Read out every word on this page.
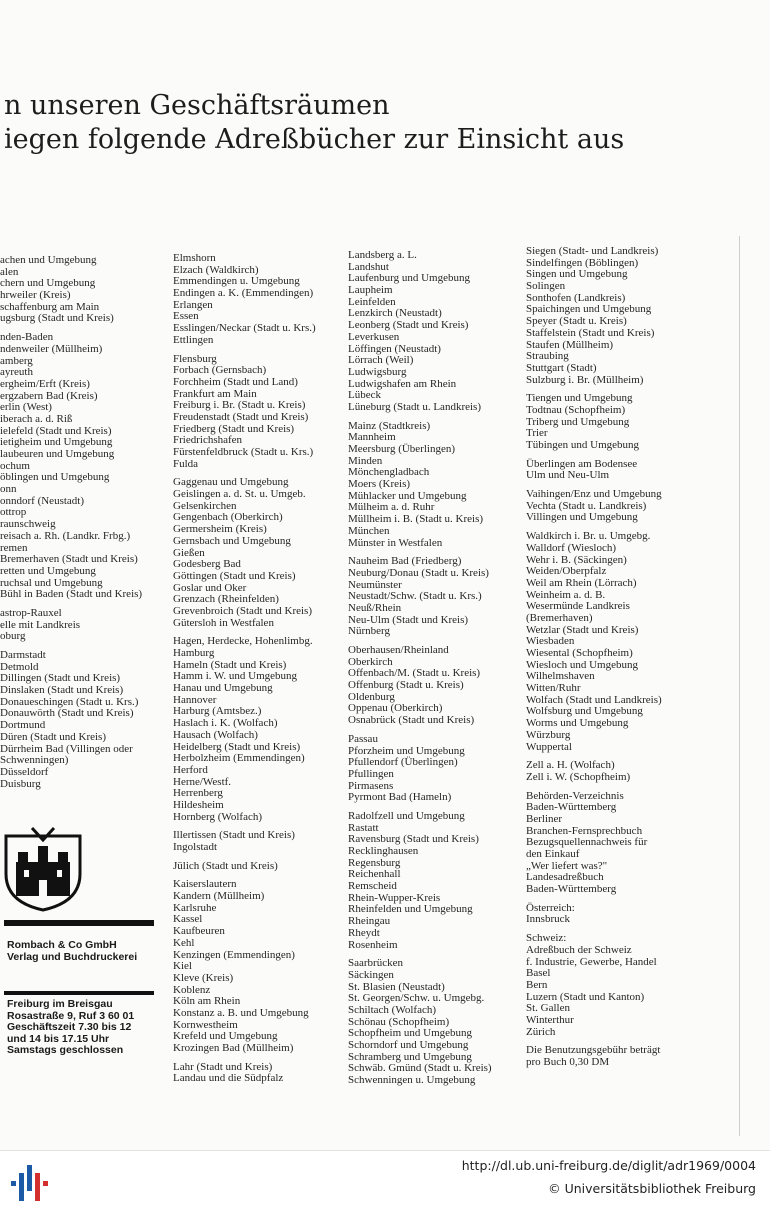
n unseren Geschäftsräumen
iegen folgende Adreßbücher zur Einsicht aus
achen und Umgebung
alen
chern und Umgebung
hrweiler (Kreis)
schaffenburg am Main
ugsburg (Stadt und Kreis)
nden-Baden
ndenweiler (Müllheim)
amberg
ayreuth
ergheim/Erft (Kreis)
ergzabern Bad (Kreis)
erlin (West)
iberach a. d. Riß
ielefeld (Stadt und Kreis)
ietigheim und Umgebung
laubeuren und Umgebung
ochum
öblingen und Umgebung
onn
onndorf (Neustadt)
ottrop
raunschweig
reisach a. Rh. (Landkr. Frbg.)
remen
Bremerhaven (Stadt und Kreis)
retten und Umgebung
ruchsal und Umgebung
Bühl in Baden (Stadt und Kreis)
astrop-Rauxel
elle mit Landkreis
oburg
Darmstadt
Detmold
Dillingen (Stadt und Kreis)
Dinslaken (Stadt und Kreis)
Donaueschingen (Stadt u. Krs.)
Donauwörth (Stadt und Kreis)
Dortmund
Düren (Stadt und Kreis)
Dürrheim Bad (Villingen oder
Schwenningen)
Düsseldorf
Duisburg
Elmshorn
Elzach (Waldkirch)
Emmendingen u. Umgebung
Endingen a. K. (Emmendingen)
Erlangen
Essen
Esslingen/Neckar (Stadt u. Krs.)
Ettlingen
Flensburg
Forbach (Gernsbach)
Forchheim (Stadt und Land)
Frankfurt am Main
Freiburg i. Br. (Stadt u. Kreis)
Freudenstadt (Stadt und Kreis)
Friedberg (Stadt und Kreis)
Friedrichshafen
Fürstenfeldbruck (Stadt u. Krs.)
Fulda
Gaggenau und Umgebung
Geislingen a. d. St. u. Umgeb.
Gelsenkirchen
Gengenbach (Oberkirch)
Germersheim (Kreis)
Gernsbach und Umgebung
Gießen
Godesberg Bad
Göttingen (Stadt und Kreis)
Goslar und Oker
Grenzach (Rheinfelden)
Grevenbroich (Stadt und Kreis)
Gütersloh in Westfalen
Hagen, Herdecke, Hohenlimbg.
Hamburg
Hameln (Stadt und Kreis)
Hamm i. W. und Umgebung
Hanau und Umgebung
Hannover
Harburg (Amtsbez.)
Haslach i. K. (Wolfach)
Hausach (Wolfach)
Heidelberg (Stadt und Kreis)
Herbolzheim (Emmendingen)
Herford
Herne/Westf.
Herrenberg
Hildesheim
Hornberg (Wolfach)
Illertissen (Stadt und Kreis)
Ingolstadt
Jülich (Stadt und Kreis)
Kaiserslautern
Kandern (Müllheim)
Karlsruhe
Kassel
Kaufbeuren
Kehl
Kenzingen (Emmendingen)
Kiel
Kleve (Kreis)
Koblenz
Köln am Rhein
Konstanz a. B. und Umgebung
Kornwestheim
Krefeld und Umgebung
Krozingen Bad (Müllheim)
Lahr (Stadt und Kreis)
Landau und die Südpfalz
Landsberg a. L.
Landshut
Laufenburg und Umgebung
Laupheim
Leinfelden
Lenzkirch (Neustadt)
Leonberg (Stadt und Kreis)
Leverkusen
Löffingen (Neustadt)
Lörrach (Weil)
Ludwigsburg
Ludwigshafen am Rhein
Lübeck
Lüneburg (Stadt u. Landkreis)
Mainz (Stadtkreis)
Mannheim
Meersburg (Überlingen)
Minden
Mönchengladbach
Moers (Kreis)
Mühlacker und Umgebung
Mülheim a. d. Ruhr
Müllheim i. B. (Stadt u. Kreis)
München
Münster in Westfalen
Nauheim Bad (Friedberg)
Neuburg/Donau (Stadt u. Kreis)
Neumünster
Neustadt/Schw. (Stadt u. Krs.)
Neuß/Rhein
Neu-Ulm (Stadt und Kreis)
Nürnberg
Oberhausen/Rheinland
Oberkirch
Offenbach/M. (Stadt u. Kreis)
Offenburg (Stadt u. Kreis)
Oldenburg
Oppenau (Oberkirch)
Osnabrück (Stadt und Kreis)
Passau
Pforzheim und Umgebung
Pfullendorf (Überlingen)
Pfullingen
Pirmasens
Pyrmont Bad (Hameln)
Radolfzell und Umgebung
Rastatt
Ravensburg (Stadt und Kreis)
Recklinghausen
Regensburg
Reichenhall
Remscheid
Rhein-Wupper-Kreis
Rheinfelden und Umgebung
Rheingau
Rheydt
Rosenheim
Saarbrücken
Säckingen
St. Blasien (Neustadt)
St. Georgen/Schw. u. Umgebg.
Schiltach (Wolfach)
Schönau (Schopfheim)
Schopfheim und Umgebung
Schorndorf und Umgebung
Schramberg und Umgebung
Schwäb. Gmünd (Stadt u. Kreis)
Schwenningen u. Umgebung
Siegen (Stadt- und Landkreis)
Sindelfingen (Böblingen)
Singen und Umgebung
Solingen
Sonthofen (Landkreis)
Spaichingen und Umgebung
Speyer (Stadt u. Kreis)
Staffelstein (Stadt und Kreis)
Staufen (Müllheim)
Straubing
Stuttgart (Stadt)
Sulzburg i. Br. (Müllheim)
Tiengen und Umgebung
Todtnau (Schopfheim)
Triberg und Umgebung
Trier
Tübingen und Umgebung
Überlingen am Bodensee
Ulm und Neu-Ulm
Vaihingen/Enz und Umgebung
Vechta (Stadt u. Landkreis)
Villingen und Umgebung
Waldkirch i. Br. u. Umgebg.
Walldorf (Wiesloch)
Wehr i. B. (Säckingen)
Weiden/Oberpfalz
Weil am Rhein (Lörrach)
Weinheim a. d. B.
Wesermünde Landkreis
(Bremerhaven)
Wetzlar (Stadt und Kreis)
Wiesbaden
Wiesental (Schopfheim)
Wiesloch und Umgebung
Wilhelmshaven
Witten/Ruhr
Wolfach (Stadt und Landkreis)
Wolfsburg und Umgebung
Worms und Umgebung
Würzburg
Wuppertal
Zell a. H. (Wolfach)
Zell i. W. (Schopfheim)
Behörden-Verzeichnis
Baden-Württemberg
Berliner
Branchen-Fernsprechbuch
Bezugsquellennachweis für
den Einkauf
„Wer liefert was?"
Landesadreßbuch
Baden-Württemberg
Österreich:
Innsbruck
Schweiz:
Adreßbuch der Schweiz
f. Industrie, Gewerbe, Handel
Basel
Bern
Luzern (Stadt und Kanton)
St. Gallen
Winterthur
Zürich
Die Benutzungsgebühr beträgt
pro Buch 0,30 DM
Rombach & Co GmbH
Verlag und Buchdruckerei
Freiburg im Breisgau
Rosastraße 9, Ruf 3 60 01
Geschäftszeit 7.30 bis 12
und 14 bis 17.15 Uhr
Samstags geschlossen
http://dl.ub.uni-freiburg.de/diglit/adr1969/0004
© Universitätsbibliothek Freiburg
